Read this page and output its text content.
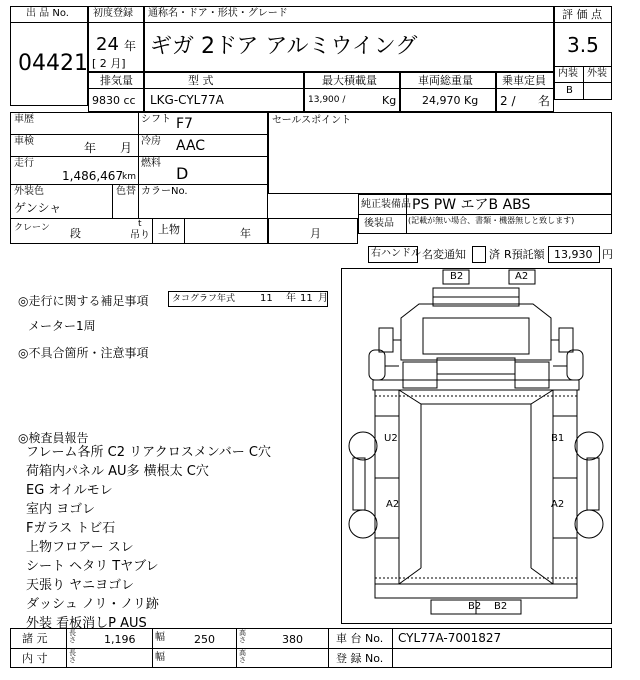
出 品 No.
04421
初度登録
24 年
[ 2 月]
通称名・ドア・形状・グレード
ギガ 2ドア アルミウイング
評 価 点
3.5
内装 外装
B
排気量
9830 cc
型 式
LKG-CYL77A
最大積載量
13,900 /	Kg
車両総重量
24,970 Kg
乗車定員
2 / 名
車歴	シフト F7
車検	年 月 冷房 AAC
走行
1,486,467
km
燃料
D
外装色
ゲンシャ
色替 カラーNo.
クレーン 段
t
吊り 上物	年	月
セールスポイント
純正装備品 PS PW エアB ABS
後装品 (記載が無い場合、書類・機器無しと致します)
右ハンドル 名変通知 済 R預託額 13,930 円
◎走行に関する補足事項	タコグラフ年式 11 年 11 月
メーター1周
◎不具合箇所・注意事項
◎検査員報告
フレーム各所 C2 リアクロスメンバー C穴
荷箱内パネル AU多 横根太 C穴
EG オイルモレ
室内 ヨゴレ
Fガラス トビ石
上物フロアー スレ
シート ヘタリ Tヤブレ
天張り ヤニヨゴレ
ダッシュ ノリ・ノリ跡
外装 看板消しP AUS
B2	A2
U2	B1
A2	A2
B2 B2
諸 元	長さ	1,196 幅	250	高さ	380	車 台 No. CYL77A-7001827
内 寸	長さ	幅	高さ	登 録 No.
